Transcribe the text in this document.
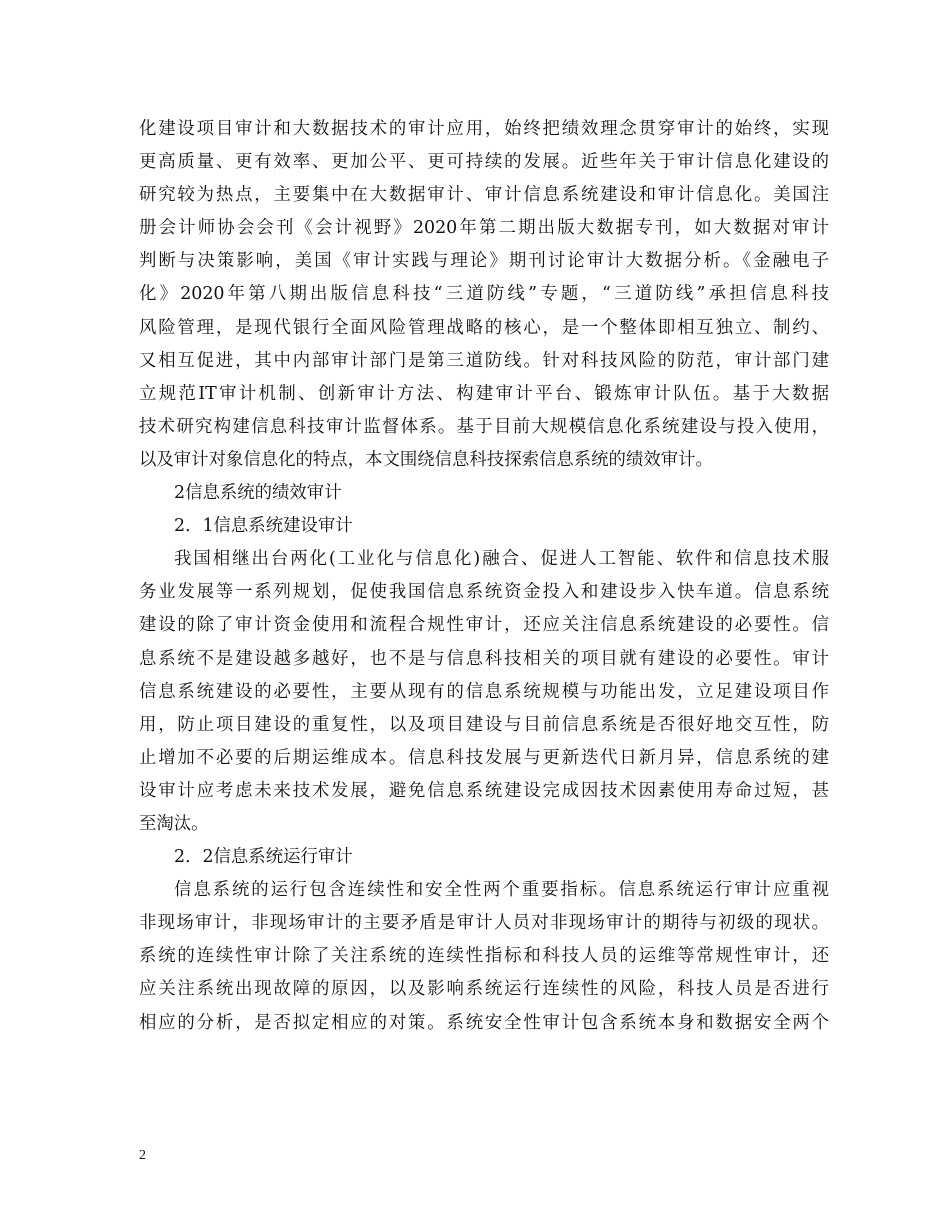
化建设项目审计和大数据技术的审计应用，始终把绩效理念贯穿审计的始终，实现
更高质量、更有效率、更加公平、更可持续的发展。近些年关于审计信息化建设的
研究较为热点，主要集中在大数据审计、审计信息系统建设和审计信息化。美国注
册会计师协会会刊《会计视野》2020年第二期出版大数据专刊，如大数据对审计
判断与决策影响，美国《审计实践与理论》期刊讨论审计大数据分析。《金融电子
化》2020年第八期出版信息科技“三道防线”专题，“三道防线”承担信息科技
风险管理，是现代银行全面风险管理战略的核心，是一个整体即相互独立、制约、
又相互促进，其中内部审计部门是第三道防线。针对科技风险的防范，审计部门建
立规范IT审计机制、创新审计方法、构建审计平台、锻炼审计队伍。基于大数据
技术研究构建信息科技审计监督体系。基于目前大规模信息化系统建设与投入使用，
以及审计对象信息化的特点，本文围绕信息科技探索信息系统的绩效审计。
2信息系统的绩效审计
2．1信息系统建设审计
我国相继出台两化(工业化与信息化)融合、促进人工智能、软件和信息技术服
务业发展等一系列规划，促使我国信息系统资金投入和建设步入快车道。信息系统
建设的除了审计资金使用和流程合规性审计，还应关注信息系统建设的必要性。信
息系统不是建设越多越好，也不是与信息科技相关的项目就有建设的必要性。审计
信息系统建设的必要性，主要从现有的信息系统规模与功能出发，立足建设项目作
用，防止项目建设的重复性，以及项目建设与目前信息系统是否很好地交互性，防
止增加不必要的后期运维成本。信息科技发展与更新迭代日新月异，信息系统的建
设审计应考虑未来技术发展，避免信息系统建设完成因技术因素使用寿命过短，甚
至淘汰。
2．2信息系统运行审计
信息系统的运行包含连续性和安全性两个重要指标。信息系统运行审计应重视
非现场审计，非现场审计的主要矛盾是审计人员对非现场审计的期待与初级的现状。
系统的连续性审计除了关注系统的连续性指标和科技人员的运维等常规性审计，还
应关注系统出现故障的原因，以及影响系统运行连续性的风险，科技人员是否进行
相应的分析，是否拟定相应的对策。系统安全性审计包含系统本身和数据安全两个
2
